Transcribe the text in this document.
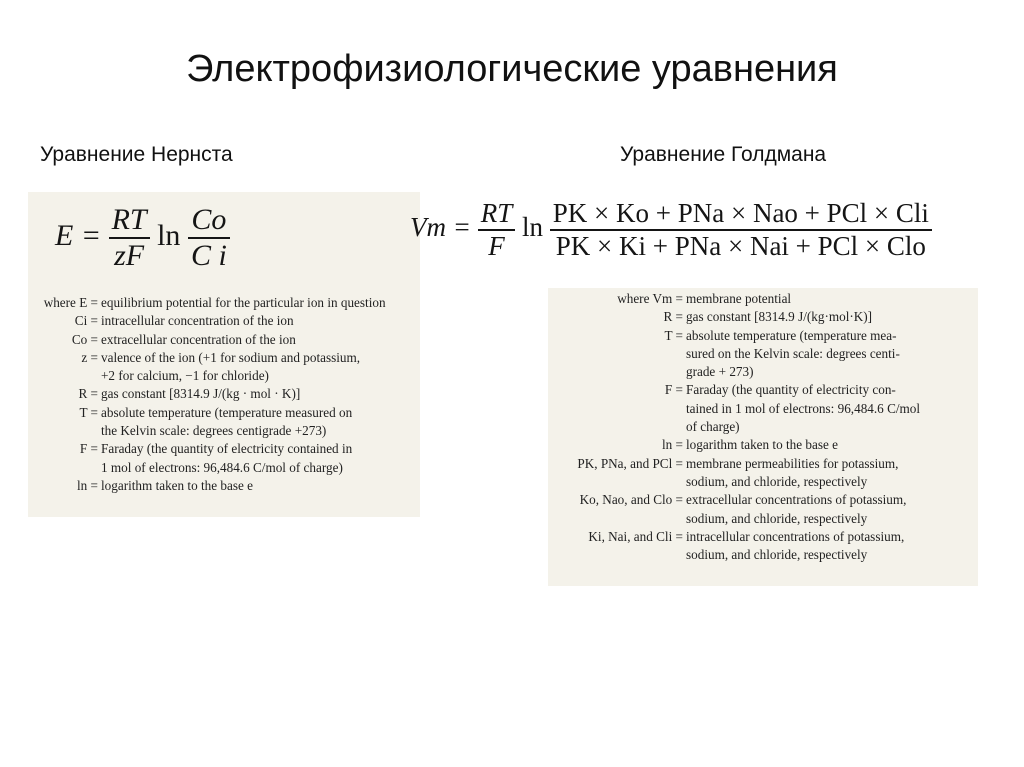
Электрофизиологические уравнения
Уравнение Нернста
$E = \frac{RT}{zF}$ $\ln \frac{Co}{\text{C i}}$
where E = equilibrium potential for the particular ion in question
Ci = intracellular concentration of the ion
Co = extracellular concentration of the ion
z = valence of the ion (+1 for sodium and potassium,
+2 for calcium, −1 for chloride)
R = gas constant [8314.9 J/(kg · mol · K)]
T = absolute temperature (temperature measured on
the Kelvin scale: degrees centigrade +273)
F = Faraday (the quantity of electricity contained in
1 mol of electrons: 96,484.6 C/mol of charge)
ln = logarithm taken to the base e
Уравнение Голдмана
$Vm = \frac{RT}{F}$ $\ln \frac{\text{PK × Ko + PNa × Nao + PCl × Cli}}{\text{PK × Ki + PNa × Nai + PCl × Clo}}$
where Vm = membrane potential
R = gas constant [8314.9 J/(kg·mol·K)]
T = absolute temperature (temperature mea-
sured on the Kelvin scale: degrees centi-
grade + 273)
F = Faraday (the quantity of electricity con-
tained in 1 mol of electrons: 96,484.6 C/mol
of charge)
ln = logarithm taken to the base e
PK, PNa, and PCl = membrane permeabilities for potassium,
sodium, and chloride, respectively
Ko, Nao, and Clo = extracellular concentrations of potassium,
sodium, and chloride, respectively
Ki, Nai, and Cli = intracellular concentrations of potassium,
sodium, and chloride, respectively
